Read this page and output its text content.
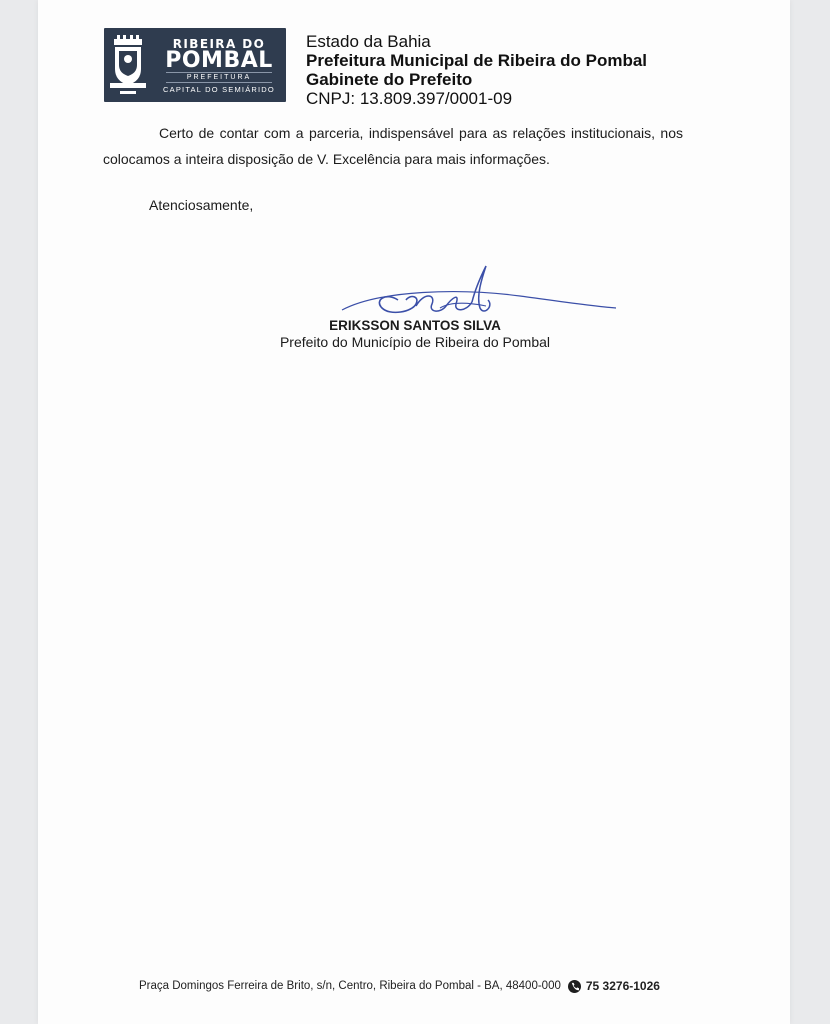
RIBEIRA DO
POMBAL
PREFEITURA
CAPITAL DO SEMIÁRIDO
Estado da Bahia
Prefeitura Municipal de Ribeira do Pombal
Gabinete do Prefeito
CNPJ: 13.809.397/0001-09

Certo de contar com a parceria, indispensável para as relações institucionais, nos colocamos a inteira disposição de V. Excelência para mais informações.

Atenciosamente,
ERIKSSON SANTOS SILVA
Prefeito do Município de Ribeira do Pombal
Praça Domingos Ferreira de Brito, s/n, Centro, Ribeira do Pombal - BA, 48400-000 75 3276-1026
